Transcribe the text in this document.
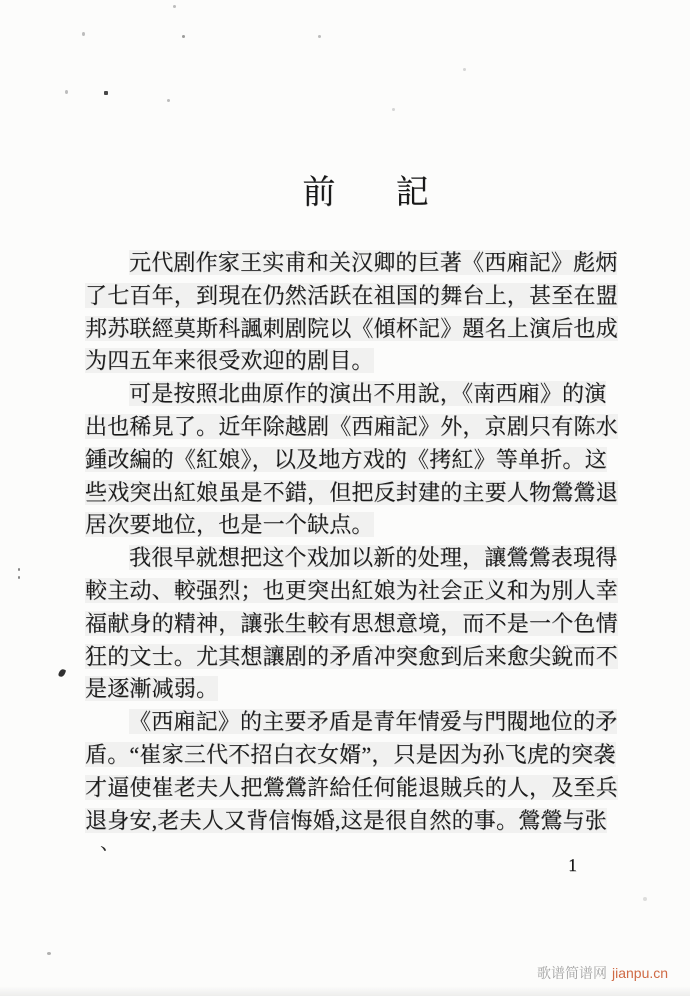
前 記
元代剧作家王实甫和关汉卿的巨著《西廂記》彪炳
了七百年，到現在仍然活跃在祖国的舞台上，甚至在盟
邦苏联經莫斯科諷刺剧院以《傾杯記》題名上演后也成
为四五年来很受欢迎的剧目。
可是按照北曲原作的演出不用說，《南西廂》的演
出也稀見了。近年除越剧《西廂記》外，京剧只有陈水
鍾改編的《紅娘》，以及地方戏的《拷紅》等单折。这
些戏突出紅娘虽是不錯，但把反封建的主要人物鶯鶯退
居次要地位，也是一个缺点。
我很早就想把这个戏加以新的处理，讓鶯鶯表現得
較主动、較强烈；也更突出紅娘为社会正义和为別人幸
福献身的精神，讓张生較有思想意境，而不是一个色情
狂的文士。尤其想讓剧的矛盾冲突愈到后来愈尖銳而不
是逐漸减弱。
《西廂記》的主要矛盾是青年情爱与門閥地位的矛
盾。“崔家三代不招白衣女婿”，只是因为孙飞虎的突袭
才逼使崔老夫人把鶯鶯許給任何能退賊兵的人，及至兵
退身安,老夫人又背信悔婚,这是很自然的事。鶯鶯与张
、
1
歌谱简谱网 jianpu.cn
